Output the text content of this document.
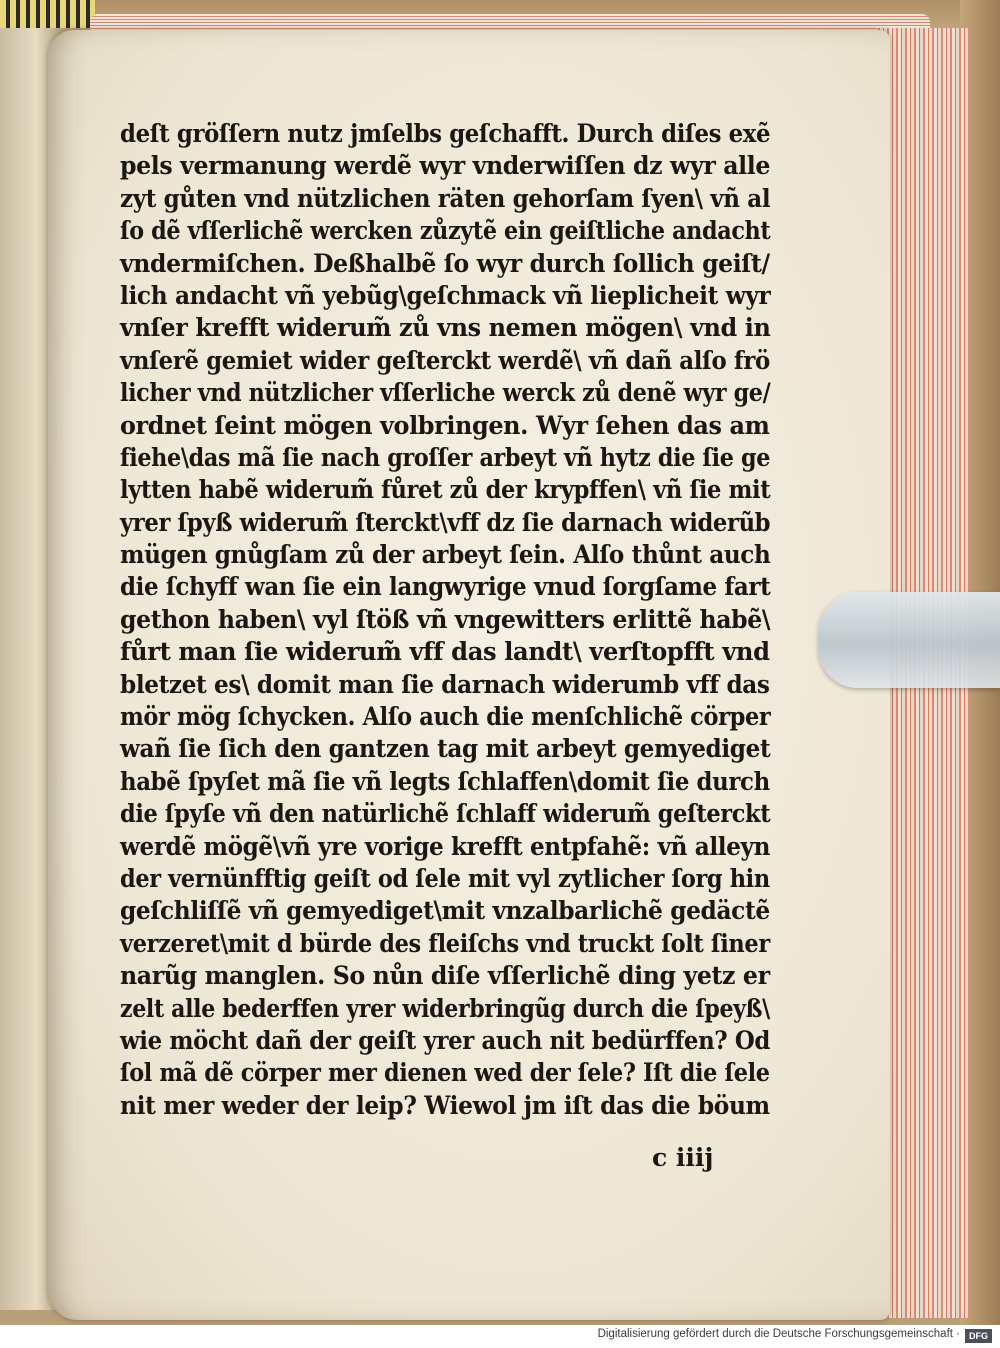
deſt gröſſern nutz jmſelbs geſchafft. Durch diſes exẽ
pels vermanung werdẽ wyr vnderwiſſen dz wyr alle
zyt gůten vnd nützlichen räten gehorſam ſyen\ vñ al
ſo dẽ vſſerlichẽ wercken zůzytẽ ein geiſtliche andacht
vndermiſchen. Deßhalbẽ ſo wyr durch ſollich geiſt/
lich andacht vñ yebũg\geſchmack vñ lieplicheit wyr
vnſer krefft widerum̃ zů vns nemen mögen\ vnd in
vnſerẽ gemiet wider geſterckt werdẽ\ vñ dañ alſo frö
licher vnd nützlicher vſſerliche werck zů denẽ wyr ge/
ordnet ſeint mögen volbringen. Wyr ſehen das am
fiehe\das mã ſie nach groſſer arbeyt vñ hytz die ſie ge
lytten habẽ widerum̃ fůret zů der krypffen\ vñ ſie mit
yrer ſpyß widerum̃ ſterckt\vff dz ſie darnach widerũb
mügen gnůgſam zů der arbeyt ſein. Alſo thůnt auch
die ſchyff wan ſie ein langwyrige vnud ſorgſame fart
gethon haben\ vyl ſtöß vñ vngewitters erlittẽ habẽ\
fůrt man ſie widerum̃ vff das landt\ verſtopfft vnd
bletzet es\ domit man ſie darnach widerumb vff das
mör mög ſchycken. Alſo auch die menſchlichẽ cörper
wañ ſie ſich den gantzen tag mit arbeyt gemyediget
habẽ ſpyſet mã ſie vñ legts ſchlaffen\domit ſie durch
die ſpyſe vñ den natürlichẽ ſchlaff widerum̃ geſterckt
werdẽ mögẽ\vñ yre vorige krefft entpfahẽ: vñ alleyn
der vernünfftig geiſt od ſele mit vyl zytlicher ſorg hin
geſchliſſẽ vñ gemyediget\mit vnzalbarlichẽ gedäctẽ
verzeret\mit d bürde des fleiſchs vnd truckt ſolt ſiner
narũg manglen. So nůn diſe vſſerlichẽ ding yetz er
zelt alle bederffen yrer widerbringũg durch die ſpeyß\
wie möcht dañ der geiſt yrer auch nit bedürffen? Od
ſol mã dẽ cörper mer dienen wed der ſele? Iſt die ſele
nit mer weder der leip? Wiewol jm iſt das die böum
c iiij
Digitalisierung gefördert durch die Deutsche Forschungsgemeinschaft ·	DFG
